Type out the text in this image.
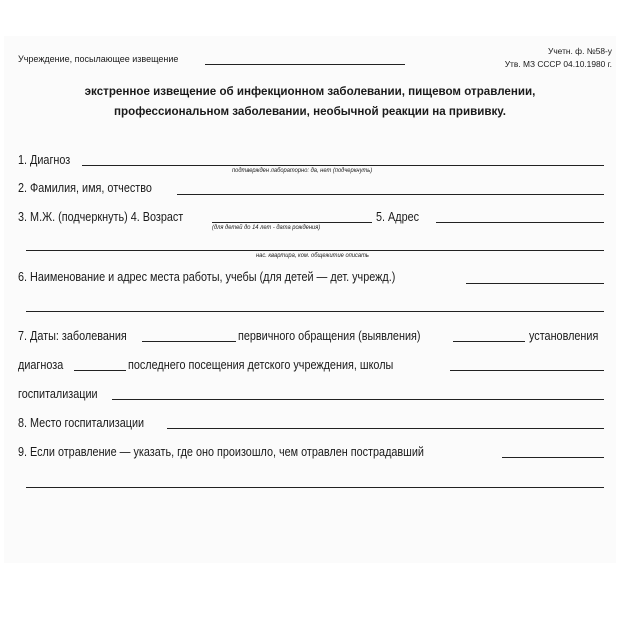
Учреждение, посылающее извещение
Учетн. ф. №58-у
Утв. МЗ СССР 04.10.1980 г.
экстренное извещение об инфекционном заболевании, пищевом отравлении,
профессиональном заболевании, необычной реакции на прививку.
1. Диагноз
подтвержден лабораторно: да, нет (подчеркнуть)
2. Фамилия, имя, отчество
3. М.Ж. (подчеркнуть) 4. Возраст
(для детей до 14 лет - дата рождения)
5. Адрес
нас. квартира, ком. общежитие описать
6. Наименование и адрес места работы, учебы (для детей — дет. учрежд.)
7. Даты: заболевания	первичного обращения (выявления)	установления
диагноза	последнего посещения детского учреждения, школы
госпитализации
8. Место госпитализации
9. Если отравление — указать, где оно произошло, чем отравлен пострадавший
